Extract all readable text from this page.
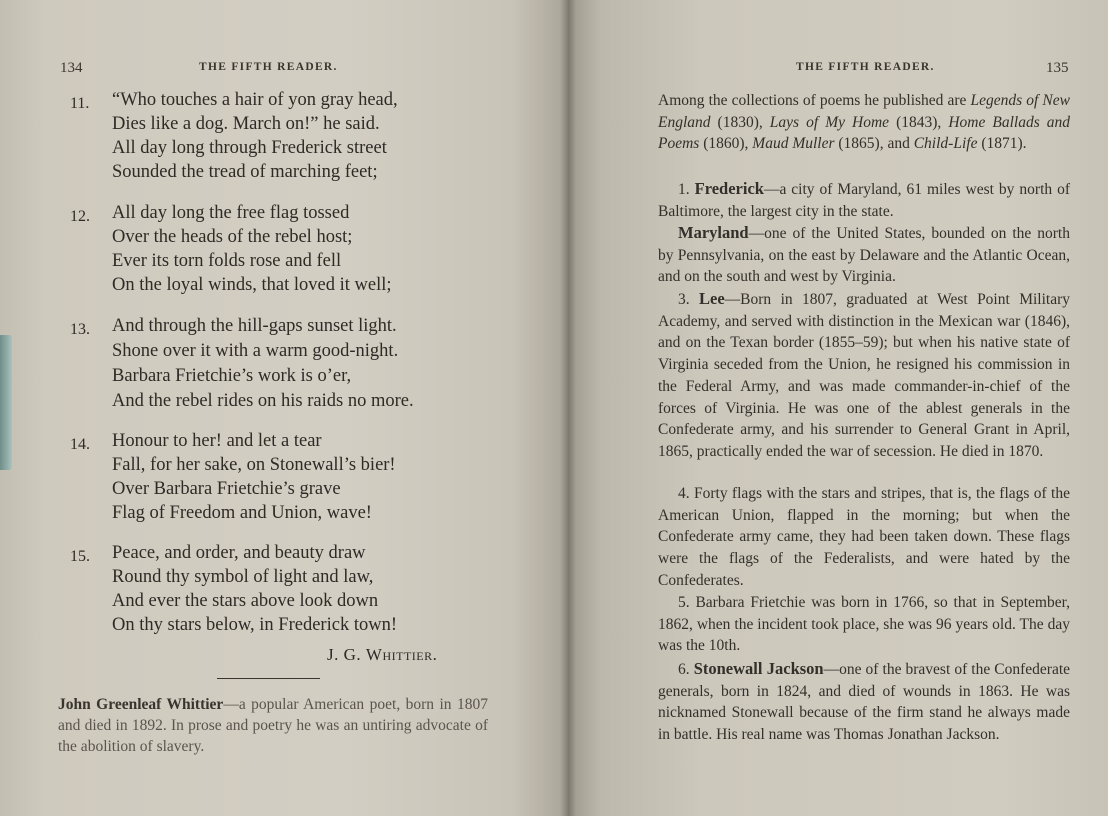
134	THE FIFTH READER.
11. “Who touches a hair of yon gray head,
Dies like a dog. March on!” he said.
All day long through Frederick street
Sounded the tread of marching feet;
12. All day long the free flag tossed
Over the heads of the rebel host;
Ever its torn folds rose and fell
On the loyal winds, that loved it well;
13. And through the hill-gaps sunset light.
Shone over it with a warm good-night.
Barbara Frietchie’s work is o’er,
And the rebel rides on his raids no more.
14. Honour to her! and let a tear
Fall, for her sake, on Stonewall’s bier!
Over Barbara Frietchie’s grave
Flag of Freedom and Union, wave!
15. Peace, and order, and beauty draw
Round thy symbol of light and law,
And ever the stars above look down
On thy stars below, in Frederick town!
J. G. Whittier.
John Greenleaf Whittier—a popular American poet, born in 1807 and died in 1892. In prose and poetry he was an untiring advocate of the abolition of slavery.
THE FIFTH READER.	135
Among the collections of poems he published are Legends of New England (1830), Lays of My Home (1843), Home Ballads and Poems (1860), Maud Muller (1865), and Child-Life (1871).
1. Frederick—a city of Maryland, 61 miles west by north of Baltimore, the largest city in the state.
Maryland—one of the United States, bounded on the north by Pennsylvania, on the east by Delaware and the Atlantic Ocean, and on the south and west by Virginia.
3. Lee—Born in 1807, graduated at West Point Military Academy, and served with distinction in the Mexican war (1846), and on the Texan border (1855–59); but when his native state of Virginia seceded from the Union, he resigned his commission in the Federal Army, and was made commander-in-chief of the forces of Virginia. He was one of the ablest generals in the Confederate army, and his surrender to General Grant in April, 1865, practically ended the war of secession. He died in 1870.
4. Forty flags with the stars and stripes, that is, the flags of the American Union, flapped in the morning; but when the Confederate army came, they had been taken down. These flags were the flags of the Federalists, and were hated by the Confederates.
5. Barbara Frietchie was born in 1766, so that in September, 1862, when the incident took place, she was 96 years old. The day was the 10th.
6. Stonewall Jackson—one of the bravest of the Confederate generals, born in 1824, and died of wounds in 1863. He was nicknamed Stonewall because of the firm stand he always made in battle. His real name was Thomas Jonathan Jackson.
